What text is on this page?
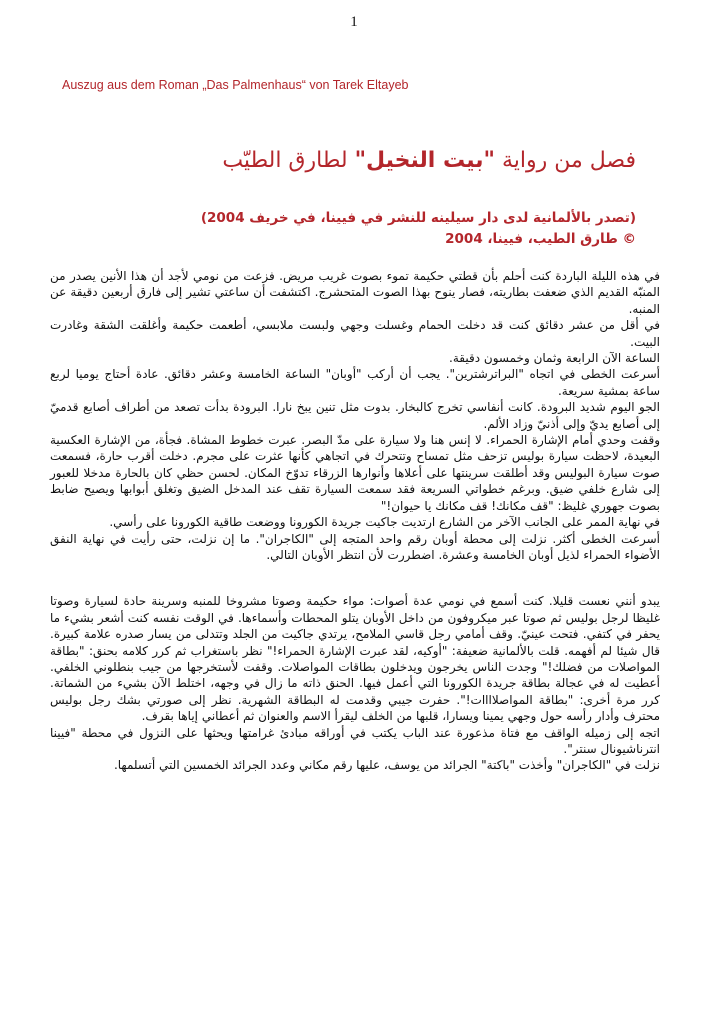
1
Auszug aus dem Roman „Das Palmenhaus“ von Tarek Eltayeb
فصل من رواية "بيت النخيل" لطارق الطيّب
(تصدر بالألمانية لدى دار سيلينه للنشر في فيينا، في خريف 2004)
© طارق الطيب، فيينا، 2004

في هذه الليلة الباردة كنت أحلم بأن قطتي حكيمة تموء بصوت غريب مريض. فزعت من نومي لأجد أن هذا الأنين يصدر من المنبّه القديم الذي ضعفت بطاريته، فصار ينوح بهذا الصوت المتحشرج. اكتشفت أن ساعتي تشير إلى فارق أربعين دقيقة عن المنبه.

في أقل من عشر دقائق كنت قد دخلت الحمام وغسلت وجهي ولبست ملابسي، أطعمت حكيمة وأغلقت الشقة وغادرت البيت.

الساعة الآن الرابعة وثمان وخمسون دقيقة.

أسرعت الخطى في اتجاه "البراترشترين". يجب أن أركب "أوبان" الساعة الخامسة وعشر دقائق. عادة أحتاج يوميا لربع ساعة بمشية سريعة.

الجو اليوم شديد البرودة. كانت أنفاسي تخرج كالبخار. بدوت مثل تنين يبخ نارا. البرودة بدأت تصعد من أطراف أصابع قدميّ إلى أصابع يديّ وإلى أذنيّ وزاد الألم.

وقفت وحدي أمام الإشارة الحمراء. لا إنس هنا ولا سيارة على مدّ البصر. عبرت خطوط المشاة. فجأة، من الإشارة العكسية البعيدة، لاحظت سيارة بوليس تزحف مثل تمساح وتتحرك في اتجاهي كأنها عثرت على مجرم. دخلت أقرب حارة، فسمعت صوت سيارة البوليس وقد أطلقت سرينتها على أعلاها وأنوارها الزرقاء تدوّخ المكان. لحسن حظي كان بالحارة مدخلا للعبور إلى شارع خلفي ضيق. وبرغم خطواتي السريعة فقد سمعت السيارة تقف عند المدخل الضيق وتغلق أبوابها ويصيح ضابط بصوت جهوري غليظ: "قف مكانك! قف مكانك يا حيوان!"

في نهاية الممر على الجانب الآخر من الشارع ارتديت جاكيت جريدة الكورونا ووضعت طاقية الكورونا على رأسي.

أسرعت الخطى أكثر. نزلت إلى محطة أوبان رقم واحد المتجه إلى "الكاجران". ما إن نزلت، حتى رأيت في نهاية النفق الأضواء الحمراء لذيل أوبان الخامسة وعشرة. اضطررت لأن انتظر الأوبان التالي.

يبدو أنني نعست قليلا. كنت أسمع في نومي عدة أصوات: مواء حكيمة وصوتا مشروخا للمنبه وسرينة حادة لسيارة وصوتا غليظا لرجل بوليس ثم صوتا عبر ميكروفون من داخل الأوبان يتلو المحطات وأسماءها. في الوقت نفسه كنت أشعر بشيء ما يحفر في كتفي. فتحت عينيّ. وقف أمامي رجل قاسي الملامح، يرتدي جاكيت من الجلد وتتدلى من يسار صدره علامة كبيرة. قال شيئا لم أفهمه. قلت بالألمانية ضعيفة: "أوكيه، لقد عبرت الإشارة الحمراء!" نظر باستغراب ثم كرر كلامه بحنق: "بطاقة المواصلات من فضلك!" وجدت الناس يخرجون ويدخلون بطاقات المواصلات. وقفت لأستخرجها من جيب بنطلوني الخلفي. أعطيت له في عجالة بطاقة جريدة الكورونا التي أعمل فيها. الحنق ذاته ما زال في وجهه، اختلط الآن بشيء من الشماتة. كرر مرة أخرى: "بطاقة المواصلاااات!". حفرت جيبي وقدمت له البطاقة الشهرية. نظر إلى صورتي بشك رجل بوليس محترف وأدار رأسه حول وجهي يمينا ويسارا، قلبها من الخلف ليقرأ الاسم والعنوان ثم أعطاني إياها بقرف.

اتجه إلى زميله الواقف مع فتاة مذعورة عند الباب يكتب في أوراقه مبادئ غرامتها ويحثها على النزول في محطة "فيينا انترناشيونال سنتر".

نزلت في "الكاجران" وأخذت "باكتة" الجرائد من يوسف، عليها رقم مكاني وعدد الجرائد الخمسين التي أتسلمها.
